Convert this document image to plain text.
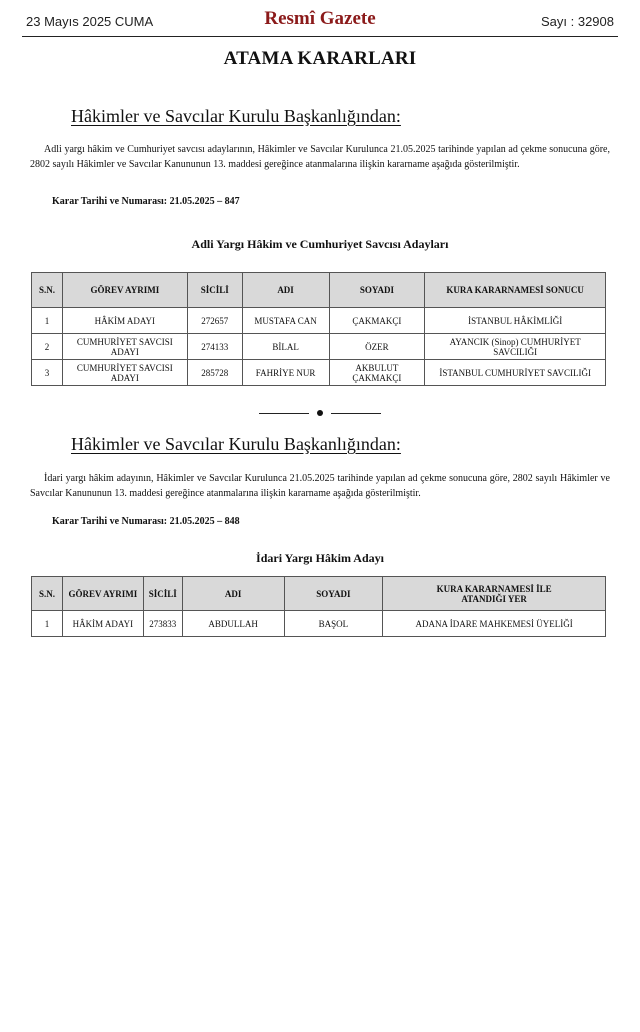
23 Mayıs 2025 CUMA	Resmî Gazete	Sayı : 32908
ATAMA KARARLARI
Hâkimler ve Savcılar Kurulu Başkanlığından:
Adli yargı hâkim ve Cumhuriyet savcısı adaylarının, Hâkimler ve Savcılar Kurulunca 21.05.2025 tarihinde yapılan ad çekme sonucuna göre, 2802 sayılı Hâkimler ve Savcılar Kanununun 13. maddesi gereğince atanmalarına ilişkin kararname aşağıda gösterilmiştir.
Karar Tarihi ve Numarası: 21.05.2025 – 847
Adli Yargı Hâkim ve Cumhuriyet Savcısı Adayları
S.N.	GÖREV AYRIMI	SİCİLİ	ADI	SOYADI	KURA KARARNAMESİ SONUCU
1	HÂKİM ADAYI	272657	MUSTAFA CAN	ÇAKMAKÇI	İSTANBUL HÂKİMLİĞİ
2	CUMHURİYET SAVCISI ADAYI	274133	BİLAL	ÖZER	AYANCIK (Sinop) CUMHURİYET SAVCILIĞI
3	CUMHURİYET SAVCISI ADAYI	285728	FAHRİYE NUR	AKBULUT ÇAKMAKÇI	İSTANBUL CUMHURİYET SAVCILIĞI
Hâkimler ve Savcılar Kurulu Başkanlığından:
İdari yargı hâkim adayının, Hâkimler ve Savcılar Kurulunca 21.05.2025 tarihinde yapılan ad çekme sonucuna göre, 2802 sayılı Hâkimler ve Savcılar Kanununun 13. maddesi gereğince atanmalarına ilişkin kararname aşağıda gösterilmiştir.
Karar Tarihi ve Numarası: 21.05.2025 – 848
İdari Yargı Hâkim Adayı
S.N.	GÖREV AYRIMI	SİCİLİ	ADI	SOYADI	KURA KARARNAMESİ İLE ATANDIĞI YER
1	HÂKİM ADAYI	273833	ABDULLAH	BAŞOL	ADANA İDARE MAHKEMESİ ÜYELİĞİ
